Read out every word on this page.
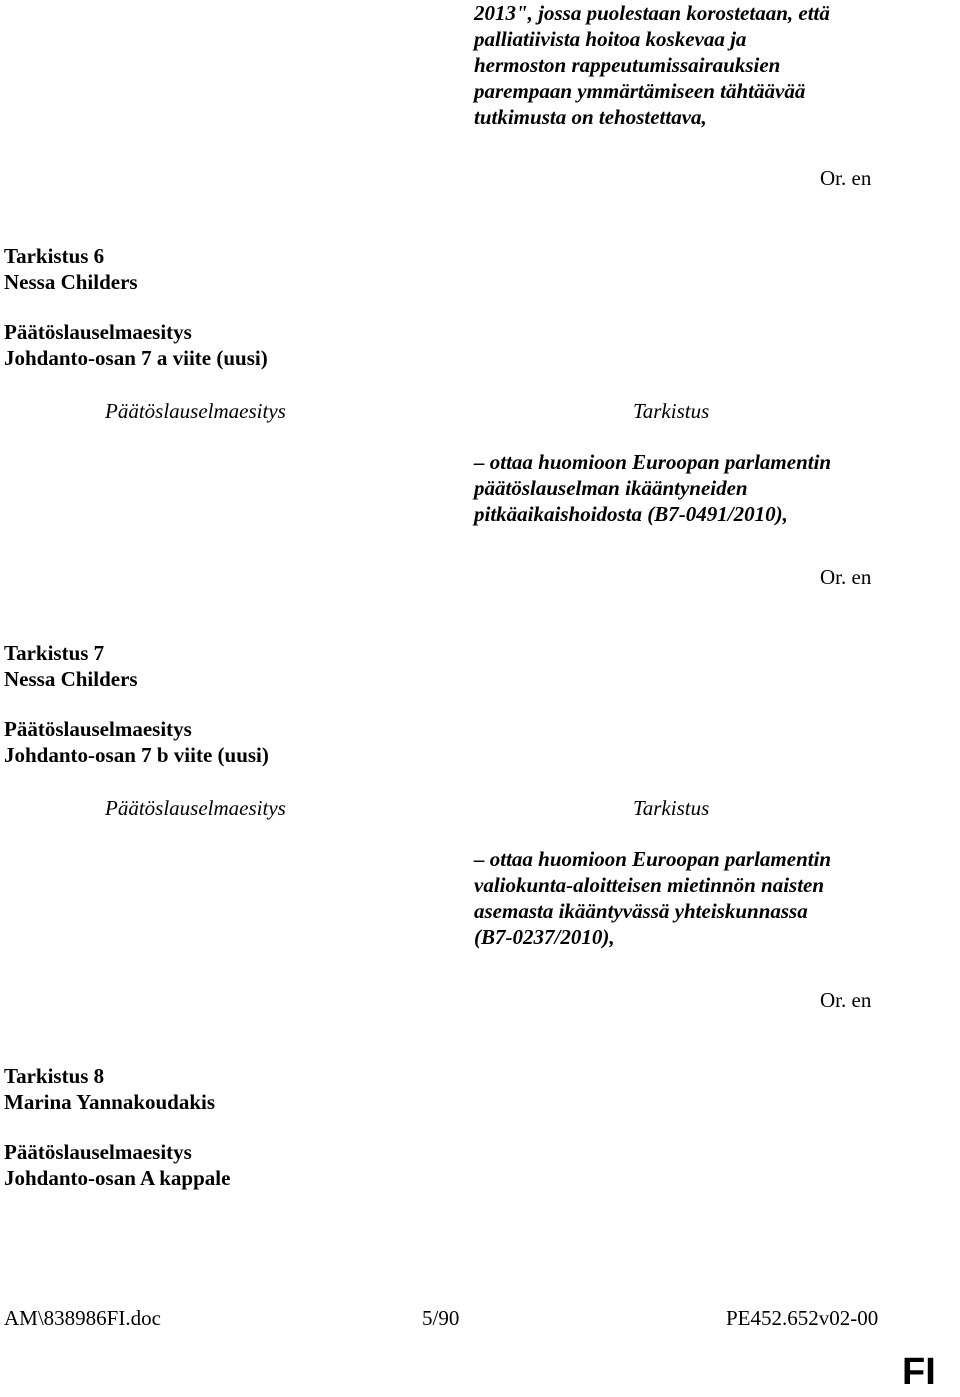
2013", jossa puolestaan korostetaan, että
palliatiivista hoitoa koskevaa ja
hermoston rappeutumissairauksien
parempaan ymmärtämiseen tähtäävää
tutkimusta on tehostettava,
Or. en
Tarkistus 6
Nessa Childers
Päätöslauselmaesitys
Johdanto-osan 7 a viite (uusi)
Päätöslauselmaesitys	Tarkistus
– ottaa huomioon Euroopan parlamentin
päätöslauselman ikääntyneiden
pitkäaikaishoidosta (B7-0491/2010),
Or. en
Tarkistus 7
Nessa Childers
Päätöslauselmaesitys
Johdanto-osan 7 b viite (uusi)
Päätöslauselmaesitys	Tarkistus
– ottaa huomioon Euroopan parlamentin
valiokunta-aloitteisen mietinnön naisten
asemasta ikääntyvässä yhteiskunnassa
(B7-0237/2010),
Or. en
Tarkistus 8
Marina Yannakoudakis
Päätöslauselmaesitys
Johdanto-osan A kappale
AM\838986FI.doc	5/90	PE452.652v02-00
FI
